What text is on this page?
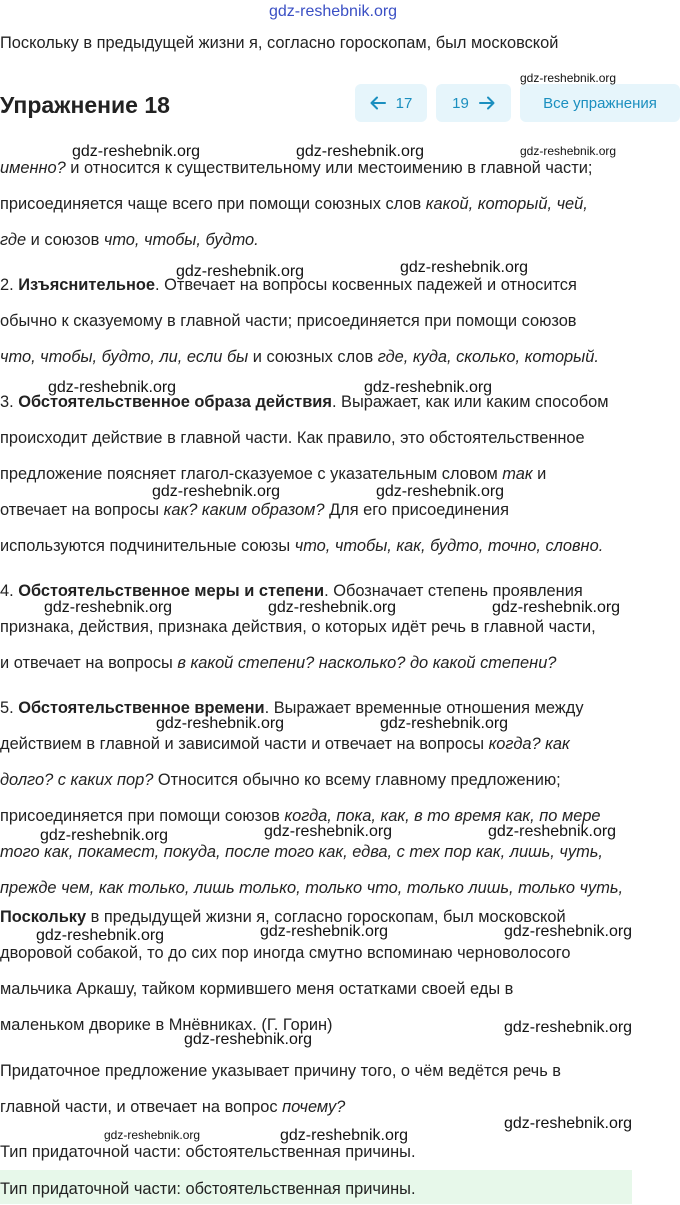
gdz-reshebnik.org
Поскольку в предыдущей жизни я, согласно гороскопам, был московской
Упражнение 18	17	19	Все упражнения
именно? и относится к существительному или местоимению в главной части;
присоединяется чаще всего при помощи союзных слов какой, который, чей,
где и союзов что, чтобы, будто.
2. Изъяснительное. Отвечает на вопросы косвенных падежей и относится
обычно к сказуемому в главной части; присоединяется при помощи союзов
что, чтобы, будто, ли, если бы и союзных слов где, куда, сколько, который.
3. Обстоятельственное образа действия. Выражает, как или каким способом
происходит действие в главной части. Как правило, это обстоятельственное
предложение поясняет глагол-сказуемое с указательным словом так и
отвечает на вопросы как? каким образом? Для его присоединения
используются подчинительные союзы что, чтобы, как, будто, точно, словно.
4. Обстоятельственное меры и степени. Обозначает степень проявления
признака, действия, признака действия, о которых идёт речь в главной части,
и отвечает на вопросы в какой степени? насколько? до какой степени?
5. Обстоятельственное времени. Выражает временные отношения между
действием в главной и зависимой части и отвечает на вопросы когда? как
долго? с каких пор? Относится обычно ко всему главному предложению;
присоединяется при помощи союзов когда, пока, как, в то время как, по мере
того как, покамест, покуда, после того как, едва, с тех пор как, лишь, чуть,
прежде чем, как только, лишь только, только что, только лишь, только чуть,
Поскольку в предыдущей жизни я, согласно гороскопам, был московской
дворовой собакой, то до сих пор иногда смутно вспоминаю черноволосого
мальчика Аркашу, тайком кормившего меня остатками своей еды в
маленьком дворике в Мнёвниках. (Г. Горин)
Придаточное предложение указывает причину того, о чём ведётся речь в
главной части, и отвечает на вопрос почему?
Тип придаточной части: обстоятельственная причины.
Тип придаточной части: обстоятельственная причины.
gdz-reshebnik.org
gdz-reshebnik.org
gdz-reshebnik.org	gdz-reshebnik.org
gdz-reshebnik.org	gdz-reshebnik.org
gdz-reshebnik.org	gdz-reshebnik.org
gdz-reshebnik.org	gdz-reshebnik.org
gdz-reshebnik.org	gdz-reshebnik.org	gdz-reshebnik.org
gdz-reshebnik.org	gdz-reshebnik.org
gdz-reshebnik.org	gdz-reshebnik.org	gdz-reshebnik.org
gdz-reshebnik.org	gdz-reshebnik.org	gdz-reshebnik.org
gdz-reshebnik.org
gdz-reshebnik.org
gdz-reshebnik.org
gdz-reshebnik.org	gdz-reshebnik.org
